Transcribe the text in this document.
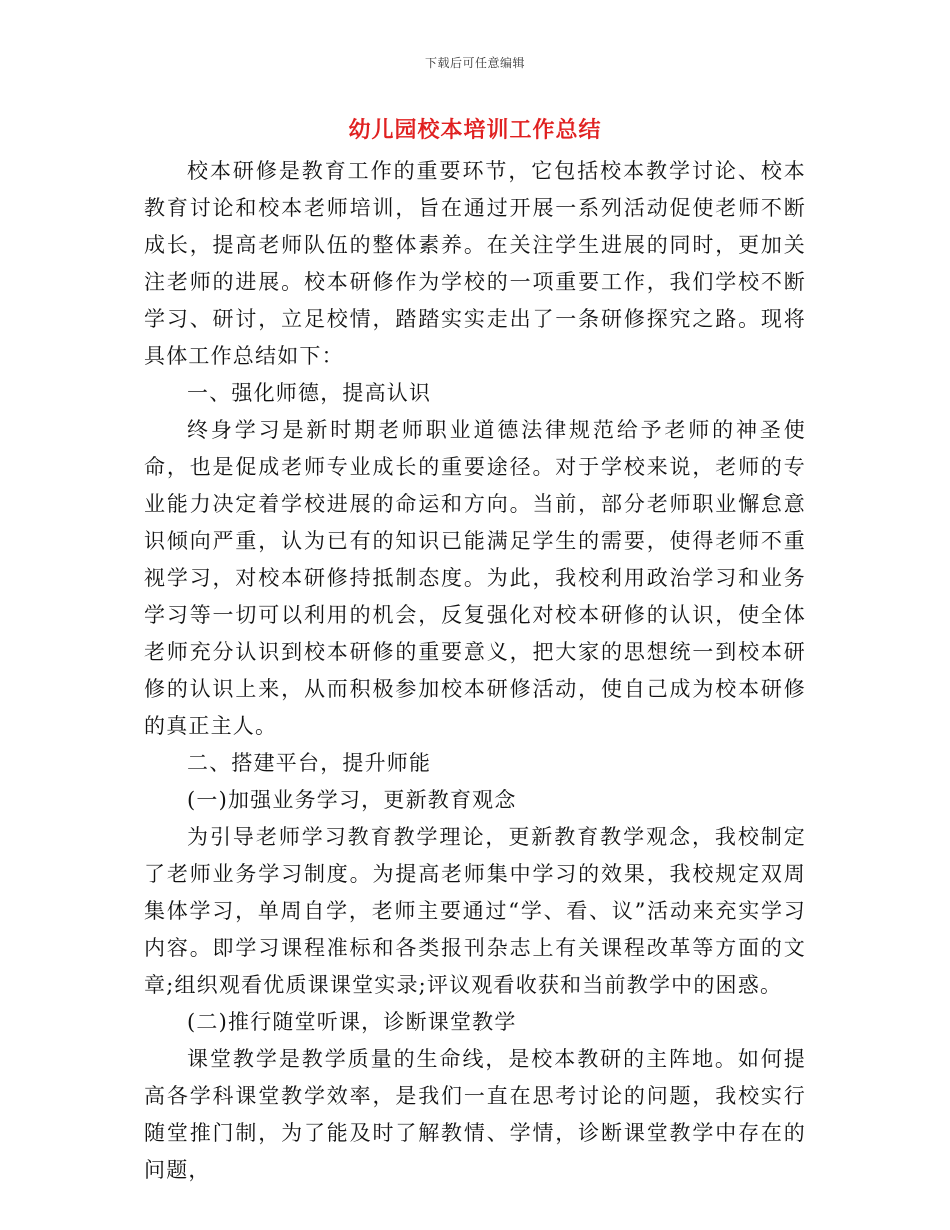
下载后可任意编辑
幼儿园校本培训工作总结

校本研修是教育工作的重要环节，它包括校本教学讨论、校本教育讨论和校本老师培训，旨在通过开展一系列活动促使老师不断成长，提高老师队伍的整体素养。在关注学生进展的同时，更加关注老师的进展。校本研修作为学校的一项重要工作，我们学校不断学习、研讨，立足校情，踏踏实实走出了一条研修探究之路。现将具体工作总结如下：

一、强化师德，提高认识

终身学习是新时期老师职业道德法律规范给予老师的神圣使命，也是促成老师专业成长的重要途径。对于学校来说，老师的专业能力决定着学校进展的命运和方向。当前，部分老师职业懈怠意识倾向严重，认为已有的知识已能满足学生的需要，使得老师不重视学习，对校本研修持抵制态度。为此，我校利用政治学习和业务学习等一切可以利用的机会，反复强化对校本研修的认识，使全体老师充分认识到校本研修的重要意义，把大家的思想统一到校本研修的认识上来，从而积极参加校本研修活动，使自己成为校本研修的真正主人。

二、搭建平台，提升师能

(一)加强业务学习，更新教育观念

为引导老师学习教育教学理论，更新教育教学观念，我校制定了老师业务学习制度。为提高老师集中学习的效果，我校规定双周集体学习，单周自学，老师主要通过“学、看、议”活动来充实学习内容。即学习课程准标和各类报刊杂志上有关课程改革等方面的文章;组织观看优质课课堂实录;评议观看收获和当前教学中的困惑。

(二)推行随堂听课，诊断课堂教学

课堂教学是教学质量的生命线，是校本教研的主阵地。如何提高各学科课堂教学效率，是我们一直在思考讨论的问题，我校实行随堂推门制，为了能及时了解教情、学情，诊断课堂教学中存在的问题，
